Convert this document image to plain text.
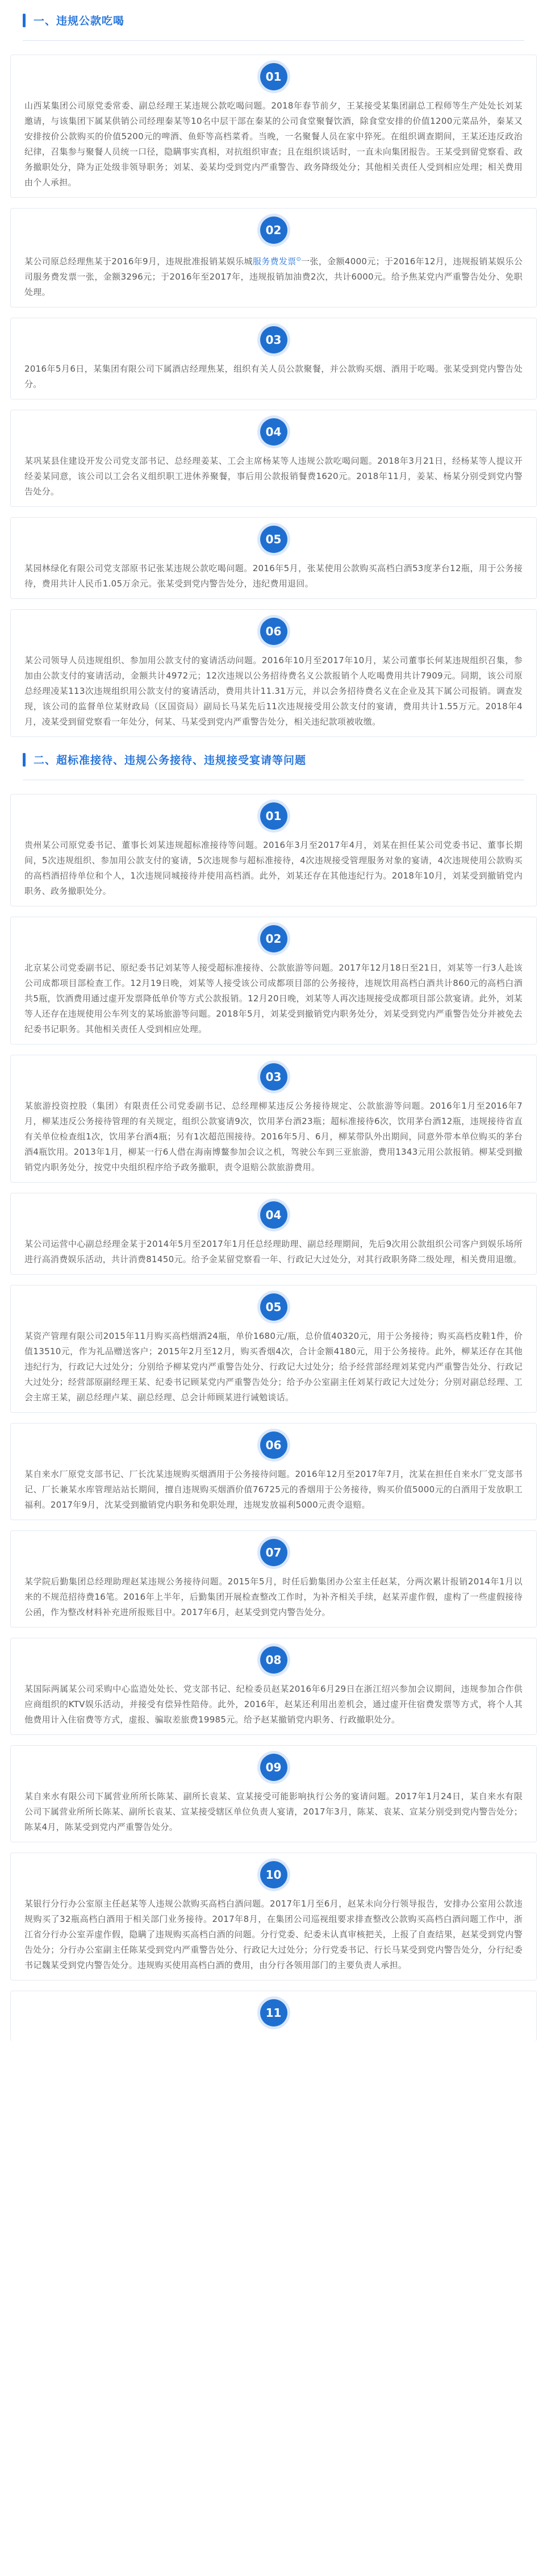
一、违规公款吃喝
01

山西某集团公司原党委常委、副总经理王某违规公款吃喝问题。2018年春节前夕，王某接受某集团副总工程师等生产处处长刘某邀请，与该集团下属某供销公司经理秦某等10名中层干部在秦某的公司食堂聚餐饮酒，除食堂安排的价值1200元菜品外，秦某又安排按价公款购买的价值5200元的啤酒、鱼虾等高档菜肴。当晚，一名聚餐人员在家中猝死。在组织调查期间，王某还违反政治纪律，召集参与聚餐人员统一口径，隐瞒事实真相，对抗组织审查；且在组织谈话时，一直未向集团报告。王某受到留党察看、政务撤职处分，降为正处级非领导职务；刘某、姜某均受到党内严重警告、政务降级处分；其他相关责任人受到相应处理；相关费用由个人承担。

02

某公司原总经理焦某于2016年9月，违规批准报销某娱乐城服务费发票⊙一张，金额4000元；于2016年12月，违规报销某娱乐公司服务费发票一张，金额3296元；于2016年至2017年，违规报销加油费2次，共计6000元。给予焦某党内严重警告处分、免职处理。

03

2016年5月6日，某集团有限公司下属酒店经理焦某，组织有关人员公款聚餐，并公款购买烟、酒用于吃喝。张某受到党内警告处分。

04

某巩某县住建设开发公司党支部书记、总经理姜某、工会主席杨某等人违规公款吃喝问题。2018年3月21日，经杨某等人提议开经姜某同意，该公司以工会名义组织职工进休养聚餐，事后用公款报销餐费1620元。2018年11月，姜某、杨某分别受到党内警告处分。

05

某园林绿化有限公司党支部原书记张某违规公款吃喝问题。2016年5月，张某使用公款购买高档白酒53度茅台12瓶，用于公务接待，费用共计人民币1.05万余元。张某受到党内警告处分，违纪费用退回。

06

某公司领导人员违规组织、参加用公款支付的宴请活动问题。2016年10月至2017年10月，某公司董事长何某违规组织召集，参加由公款支付的宴请活动，金额共计4972元；12次违规以公务招待费名义公款报销个人吃喝费用共计7909元。同期，该公司原总经理凌某113次违规组织用公款支付的宴请活动，费用共计11.31万元，并以会务招待费名义在企业及其下属公司报销。调查发现，该公司的监督单位某财政局（区国资局）副局长马某先后11次违规接受用公款支付的宴请，费用共计1.55万元。2018年4月，凌某受到留党察看一年处分，何某、马某受到党内严重警告处分，相关违纪款项被收缴。

二、超标准接待、违规公务接待、违规接受宴请等问题
01

贵州某公司原党委书记、董事长刘某违规超标准接待等问题。2016年3月至2017年4月，刘某在担任某公司党委书记、董事长期间，5次违规组织、参加用公款支付的宴请，5次违规参与超标准接待，4次违规接受管理服务对象的宴请，4次违规使用公款购买的高档酒招待单位和个人，1次违规同城接待并使用高档酒。此外，刘某还存在其他违纪行为。2018年10月，刘某受到撤销党内职务、政务撤职处分。

02

北京某公司党委副书记、原纪委书记刘某等人接受超标准接待、公款旅游等问题。2017年12月18日至21日，刘某等一行3人赴该公司成都项目部检查工作。12月19日晚，刘某等人接受该公司成都项目部的公务接待，违规饮用高档白酒共计860元的高档白酒共5瓶，饮酒费用通过虚开发票降低单价等方式公款报销。12月20日晚，刘某等人再次违规接受成都项目部公款宴请。此外，刘某等人还存在违规使用公车列支的某场旅游等问题。2018年5月，刘某受到撤销党内职务处分，刘某受到党内严重警告处分并被免去纪委书记职务。其他相关责任人受到相应处理。

03

某旅游投资控股（集团）有限责任公司党委副书记、总经理柳某违反公务接待规定、公款旅游等问题。2016年1月至2016年7月，柳某违反公务接待管理的有关规定，组织公款宴请9次，饮用茅台酒23瓶；超标准接待6次，饮用茅台酒12瓶，违规接待省直有关单位检查组1次，饮用茅台酒4瓶；另有1次超范围接待。2016年5月、6月，柳某带队外出期间，同意外带本单位购买的茅台酒4瓶饮用。2013年1月，柳某一行6人借在海南博鳌参加会议之机，驾驶公车到三亚旅游，费用1343元用公款报销。柳某受到撤销党内职务处分，按党中央组织程序给予政务撤职，责令退赔公款旅游费用。

04

某公司运营中心副总经理金某于2014年5月至2017年1月任总经理助理、副总经理期间，先后9次用公款组织公司客户到娱乐场所进行高消费娱乐活动，共计消费81450元。给予金某留党察看一年、行政记大过处分，对其行政职务降二级处理，相关费用退缴。

05

某资产管理有限公司2015年11月购买高档烟酒24瓶，单价1680元/瓶，总价值40320元，用于公务接待；购买高档皮鞋1件，价值13510元，作为礼品赠送客户；2015年2月至12月，购买香烟4次，合计金额4180元，用于公务接待。此外，柳某还存在其他违纪行为，行政记大过处分；分别给予柳某党内严重警告处分、行政记大过处分；给予经营部经理刘某党内严重警告处分、行政记大过处分；经营部原副经理王某、纪委书记顾某党内严重警告处分；给予办公室副主任刘某行政记大过处分；分别对副总经理、工会主席王某，副总经理卢某、副总经理、总会计师顾某进行诫勉谈话。

06

某自来水厂原党支部书记、厂长沈某违规购买烟酒用于公务接待问题。2016年12月至2017年7月，沈某在担任自来水厂党支部书记、厂长兼某水库管理站站长期间，擅自违规购买烟酒价值76725元的香烟用于公务接待，购买价值5000元的白酒用于发放职工福利。2017年9月，沈某受到撤销党内职务和免职处理，违规发放福利5000元责令退赔。

07

某学院后勤集团总经理助理赵某违规公务接待问题。2015年5月，时任后勤集团办公室主任赵某，分两次累计报销2014年1月以来的不规范招待费16笔。2016年上半年，后勤集团开展检查整改工作时，为补齐相关手续，赵某弄虚作假，虚构了一些虚假接待公函，作为整改材料补充进所报账目中。2017年6月，赵某受到党内警告处分。

08

某国际两属某公司采购中心监造处处长、党支部书记、纪检委员赵某2016年6月29日在浙江绍兴参加会议期间，违规参加合作供应商组织的KTV娱乐活动，并接受有偿异性陪侍。此外，2016年，赵某还利用出差机会，通过虚开住宿费发票等方式，将个人其他费用计入住宿费等方式，虚报、骗取差旅费19985元。给予赵某撤销党内职务、行政撤职处分。

09

某自来水有限公司下属营业所所长陈某、副所长袁某、宣某接受可能影响执行公务的宴请问题。2017年1月24日，某自来水有限公司下属营业所所长陈某、副所长袁某、宣某接受辖区单位负责人宴请，2017年3月，陈某、袁某、宣某分别受到党内警告处分；陈某4月，陈某受到党内严重警告处分。

10

某银行分行办公室原主任赵某等人违规公款购买高档白酒问题。2017年1月至6月，赵某未向分行领导报告，安排办公室用公款违规购买了32瓶高档白酒用于相关部门业务接待。2017年8月，在集团公司巡视组要求排查整改公款购买高档白酒问题工作中，浙江省分行办公室弄虚作假，隐瞒了违规购买高档白酒的问题。分行党委、纪委未认真审核把关，上报了自查结果，赵某受到党内警告处分；分行办公室副主任陈某受到党内严重警告处分、行政记大过处分；分行党委书记、行长马某受到党内警告处分，分行纪委书记魏某受到党内警告处分。违规购买使用高档白酒的费用，由分行各领用部门的主要负责人承担。

11
